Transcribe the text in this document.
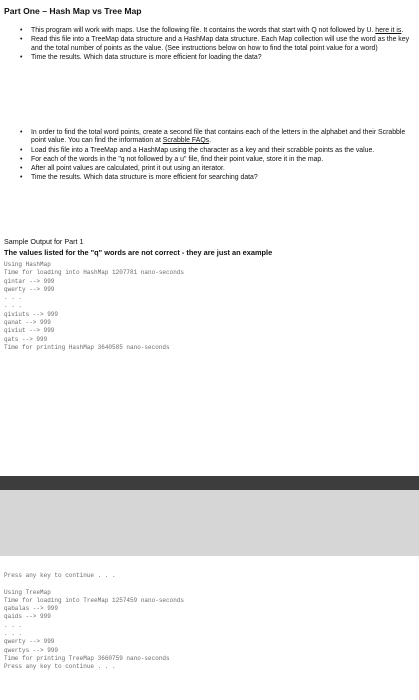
Part One – Hash Map vs Tree Map
• This program will work with maps. Use the following file. It contains the words that start with Q not followed by U. here it is.
• Read this file into a TreeMap data structure and a HashMap data structure. Each Map collection will use the word as the key and the total number of points as the value. (See instructions below on how to find the total point value for a word)
• Time the results. Which data structure is more efficient for loading the data?
• In order to find the total word points, create a second file that contains each of the letters in the alphabet and their Scrabble point value. You can find the information at Scrabble FAQs.
• Load this file into a TreeMap and a HashMap using the character as a key and their scrabble points as the value.
• For each of the words in the "q not followed by a u" file, find their point value, store it in the map.
• After all point values are calculated, print it out using an iterator.
• Time the results. Which data structure is more efficient for searching data?
Sample Output for Part 1
The values listed for the "q" words are not correct - they are just an example
Using HashMap
Time for loading into HashMap 1207781 nano-seconds
qintar --> 999
qwerty --> 999
. . .
. . .
qiviuts --> 999
qanat --> 999
qiviut --> 999
qats --> 999
Time for printing HashMap 3640585 nano-seconds
Press any key to continue . . .

Using TreeMap
Time for loading into TreeMap 1257459 nano-seconds
qabalas --> 999
qaids --> 999
. . .
. . .
qwerty --> 999
qwertys --> 999
Time for printing TreeMap 3660759 nano-seconds
Press any key to continue . . .
